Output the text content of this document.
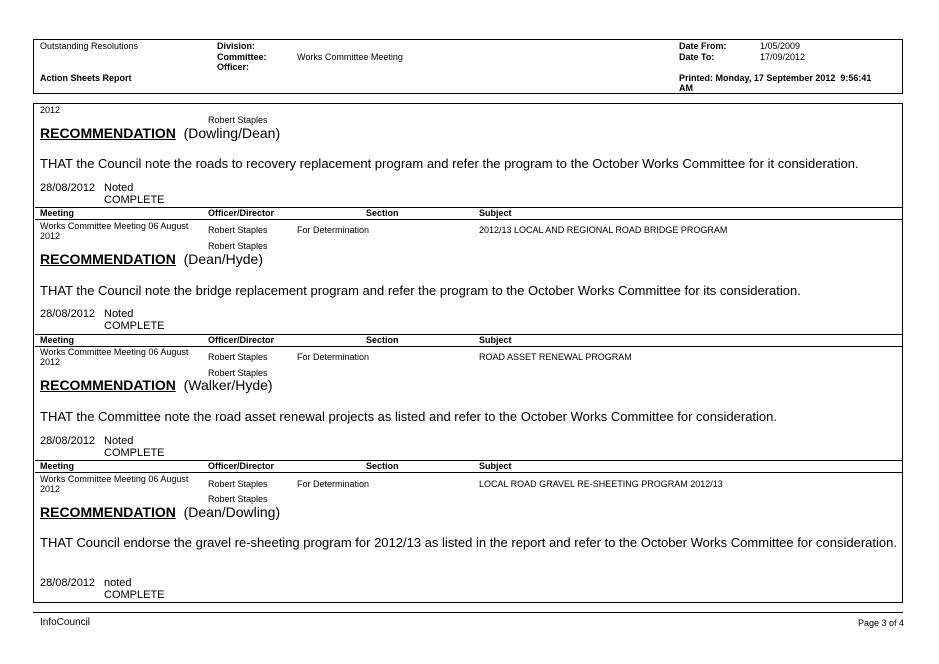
Outstanding Resolutions
Action Sheets Report
Division:
Committee:	Works Committee Meeting
Officer:
Date From:	1/05/2009
Date To:	17/09/2012
Printed: Monday, 17 September 2012  9:56:41
AM
2012
Robert Staples
RECOMMENDATION (Dowling/Dean)
THAT the Council note the roads to recovery replacement program and refer the program to the October Works Committee for it consideration.
28/08/2012 Noted
COMPLETE
Meeting	Officer/Director	Section	Subject
Works Committee Meeting 06 August
2012
Robert Staples	For Determination	2012/13 LOCAL AND REGIONAL ROAD BRIDGE PROGRAM
Robert Staples
RECOMMENDATION (Dean/Hyde)
THAT the Council note the bridge replacement program and refer the program to the October Works Committee for its consideration.
28/08/2012 Noted
COMPLETE
Meeting	Officer/Director	Section	Subject
Works Committee Meeting 06 August
2012	Robert Staples	For Determination	ROAD ASSET RENEWAL PROGRAM
Robert Staples
RECOMMENDATION (Walker/Hyde)
THAT the Committee note the road asset renewal projects as listed and refer to the October Works Committee for consideration.
28/08/2012 Noted
COMPLETE
Meeting	Officer/Director	Section	Subject
Works Committee Meeting 06 August
2012	Robert Staples	For Determination	LOCAL ROAD GRAVEL RE-SHEETING PROGRAM 2012/13
Robert Staples
RECOMMENDATION (Dean/Dowling)
THAT Council endorse the gravel re-sheeting program for 2012/13 as listed in the report and refer to the October Works Committee for consideration.
28/08/2012 noted
COMPLETE
InfoCouncil	Page 3 of 4
